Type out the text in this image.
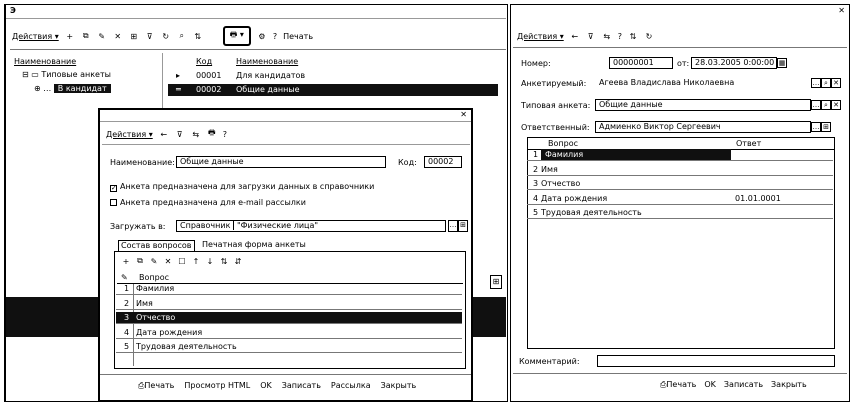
Э
Действия ▾ + ⧉ ✎ ✕ ⊞ ⊽ ↻	⌕	⇅	🖶 ▾	⚙ ? Печать
Наименование
⊟ ▭ Типовые анкеты
⊕ … В кандидат
Код	Наименование
▸ 00001 Для кандидатов
═ 00002 Общие данные
⊞
✕
Действия ▾ ← ⊽ ⇆ 🖶 ?
Наименование: Общие данные	Код:	00002
✓ Анкета предназначена для загрузки данных в справочники
Анкета предназначена для e-mail рассылки
Загружать в:	Справочник "Физические лица"	… ⊞
Состав вопросов	Печатная форма анкеты
+ ⧉ ✎ ✕ ☐ ↑ ↓ ⇅ ⇵
✎ Вопрос
1 Фамилия
2 Имя
3 Отчество
4 Дата рождения
5 Трудовая деятельность
⎙Печать Просмотр HTML OK Записать Рассылка Закрыть
✕
Действия ▾ ← ⊽ ⇆ ? ⇅ ↻
Номер:	00000001	от: 28.03.2005 0:00:00 ▦
Анкетируемый:	Агеева Владислава Николаевна	… ⌕ ✕
Типовая анкета:	Общие данные	… ⌕ ✕
Ответственный:	Адмиенко Виктор Сергеевич	… ⊞
Вопрос	Ответ
Комментарий:
1 Фамилия
2 Имя
3 Отчество
4 Дата рождения	01.01.0001
5 Трудовая деятельность
⎙Печать OK Записать Закрыть
